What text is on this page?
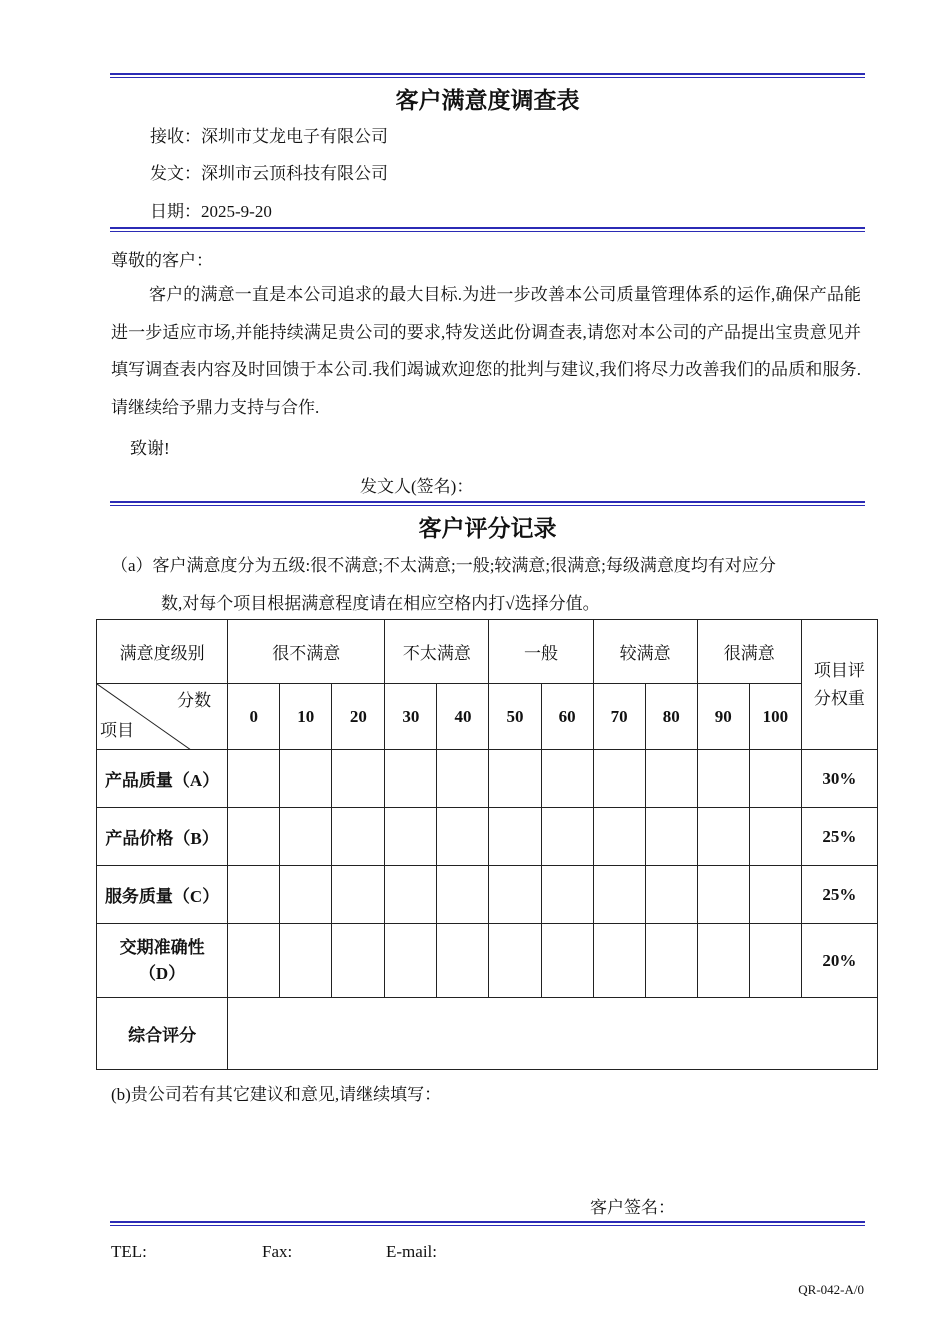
客户满意度调查表
接收：深圳市艾龙电子有限公司
发文：深圳市云顶科技有限公司
日期：2025-9-20
尊敬的客户：
客户的满意一直是本公司追求的最大目标.为进一步改善本公司质量管理体系的运作,确保产品能进一步适应市场,并能持续满足贵公司的要求,特发送此份调查表,请您对本公司的产品提出宝贵意见并填写调查表内容及时回馈于本公司.我们竭诚欢迎您的批判与建议,我们将尽力改善我们的品质和服务.请继续给予鼎力支持与合作.
致谢!
发文人(签名)：
客户评分记录
（a）客户满意度分为五级:很不满意;不太满意;一般;较满意;很满意;每级满意度均有对应分
数,对每个项目根据满意程度请在相应空格内打√选择分值。
满意度级别	很不满意			不太满意		一般		较满意		很满意		项目评分权重

分数
项目	0	10	20	30	40	50	60	70	80	90	100	
产品质量（A）												30%
产品价格（B）												25%
服务质量（C）												25%
交期准确性（D）												20%
综合评分												
(b)贵公司若有其它建议和意见,请继续填写：
客户签名：
TEL:	Fax:	E-mail:
QR-042-A/0
